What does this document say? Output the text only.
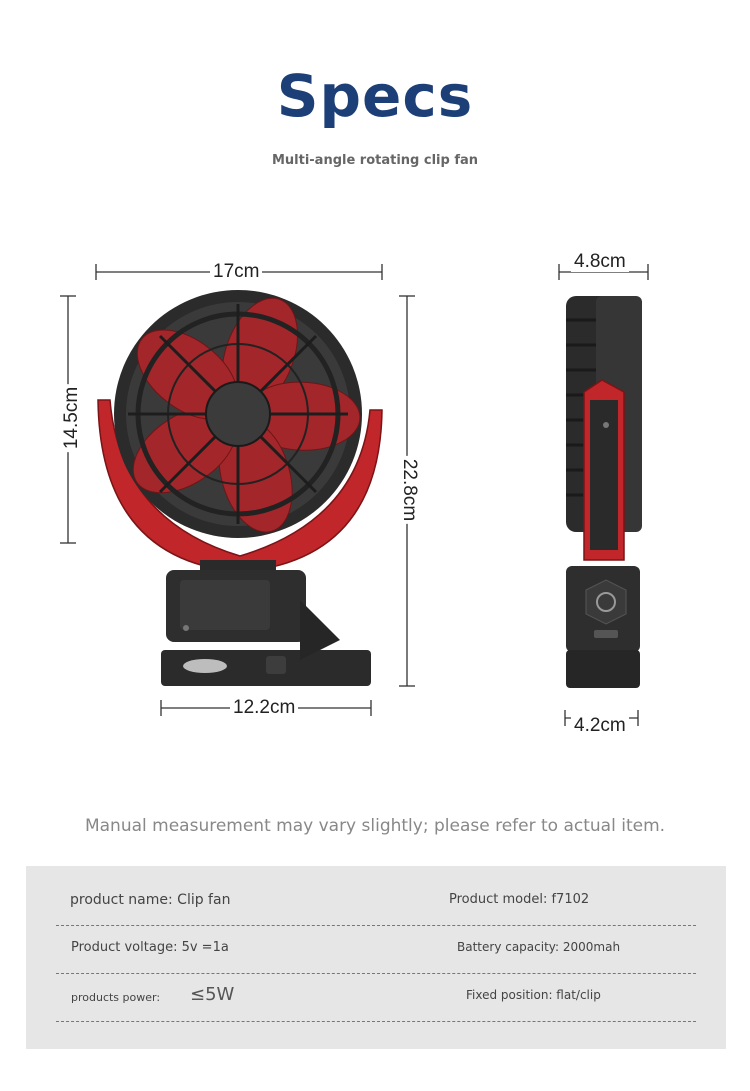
Specs
Multi-angle rotating clip fan
17cm
14.5cm
22.8cm
12.2cm
4.8cm
4.2cm
Manual measurement may vary slightly; please refer to actual item.
product name: Clip fan	Product model: f7102
Product voltage: 5v =1a	Battery capacity: 2000mah
products power: ≤5W	Fixed position: flat/clip
